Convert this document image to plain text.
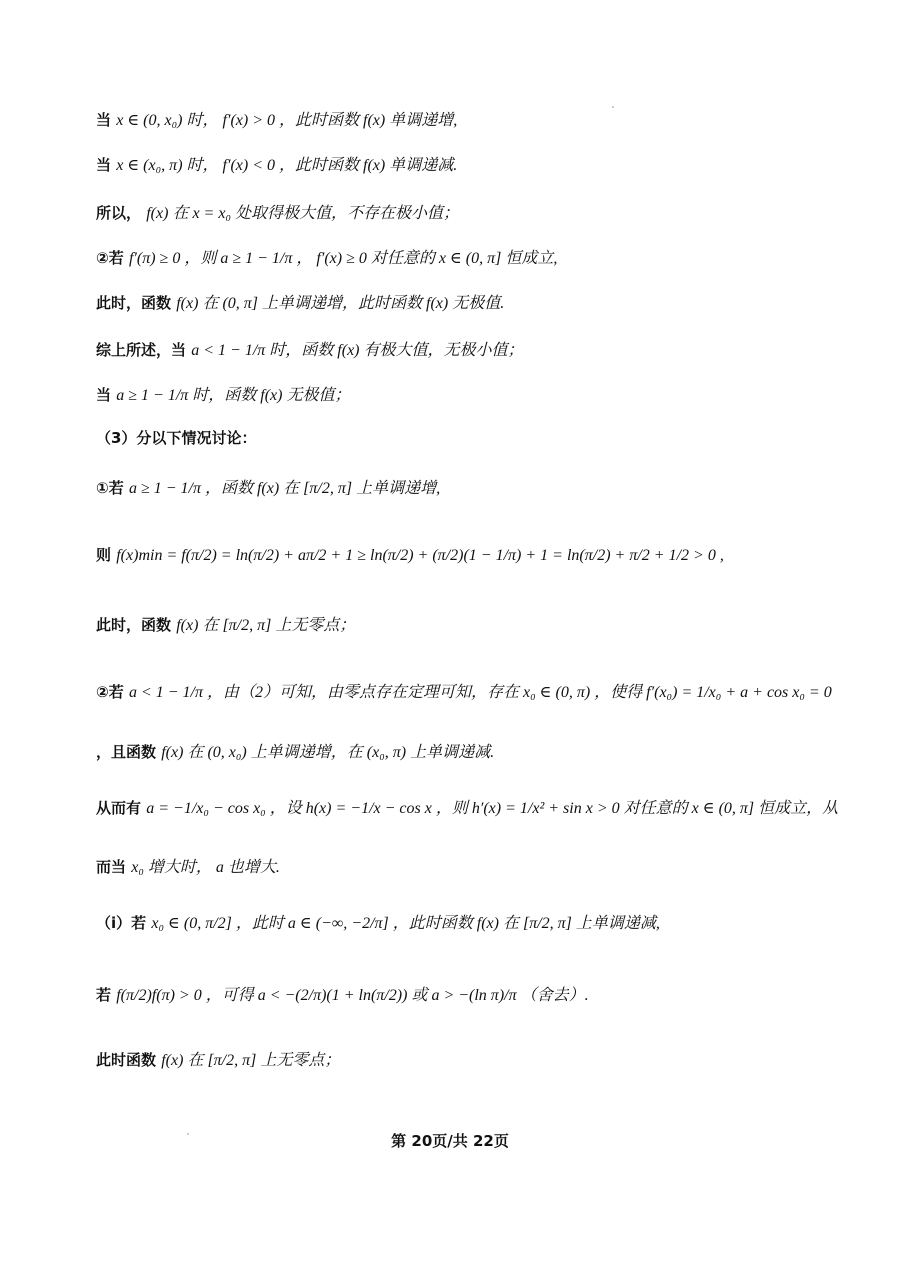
当 x ∈ (0, x₀) 时， f′(x) > 0 ，此时函数 f(x) 单调递增,
当 x ∈ (x₀, π) 时， f′(x) < 0 ，此时函数 f(x) 单调递减.
所以， f(x) 在 x = x₀ 处取得极大值，不存在极小值；
②若 f′(π) ≥ 0 ，则 a ≥ 1 − 1/π ， f′(x) ≥ 0 对任意的 x ∈ (0, π] 恒成立,
此时，函数 f(x) 在 (0, π] 上单调递增，此时函数 f(x) 无极值.
综上所述，当 a < 1 − 1/π 时，函数 f(x) 有极大值，无极小值；
当 a ≥ 1 − 1/π 时，函数 f(x) 无极值；
（3）分以下情况讨论：
①若 a ≥ 1 − 1/π ，函数 f(x) 在 [π/2, π] 上单调递增,
则 f(x)min = f(π/2) = ln(π/2) + aπ/2 + 1 ≥ ln(π/2) + (π/2)(1 − 1/π) + 1 = ln(π/2) + π/2 + 1/2 > 0 ,
此时，函数 f(x) 在 [π/2, π] 上无零点；
②若 a < 1 − 1/π ，由（2）可知，由零点存在定理可知，存在 x₀ ∈ (0, π) ，使得 f′(x₀) = 1/x₀ + a + cos x₀ = 0
，且函数 f(x) 在 (0, x₀) 上单调递增，在 (x₀, π) 上单调递减.
从而有 a = −1/x₀ − cos x₀ ，设 h(x) = −1/x − cos x ，则 h′(x) = 1/x² + sin x > 0 对任意的 x ∈ (0, π] 恒成立，从
而当 x₀ 增大时， a 也增大.
（i）若 x₀ ∈ (0, π/2] ，此时 a ∈ (−∞, −2/π] ，此时函数 f(x) 在 [π/2, π] 上单调递减,
若 f(π/2)f(π) > 0 ，可得 a < −(2/π)(1 + ln(π/2)) 或 a > −(ln π)/π （舍去）.
此时函数 f(x) 在 [π/2, π] 上无零点；
第 20页/共 22页
